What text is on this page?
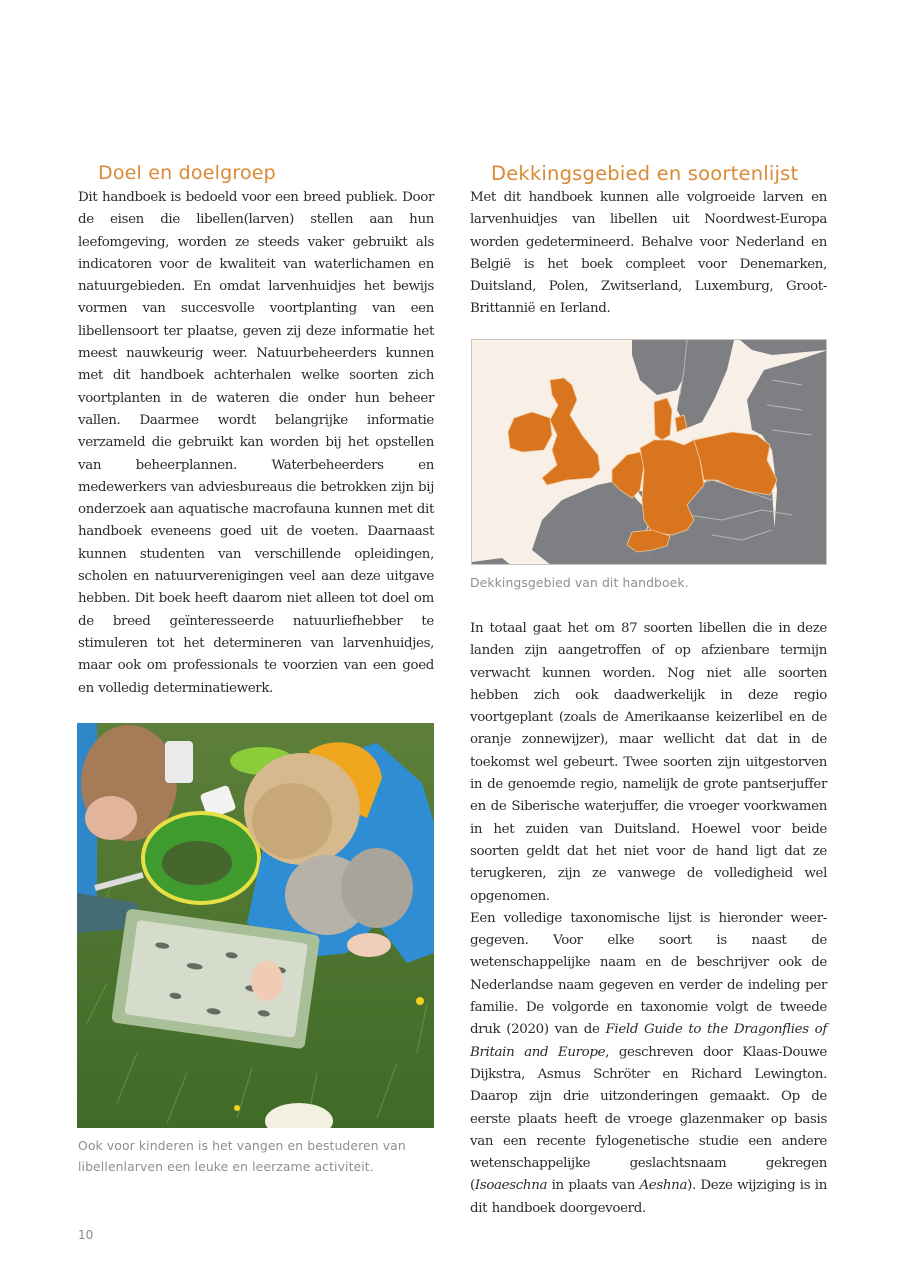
Doel en doelgroep

Dit handboek is bedoeld voor een breed publiek. Door de eisen die libellen(larven) stellen aan hun leefomgeving, worden ze steeds vaker gebruikt als indicatoren voor de kwaliteit van waterlichamen en natuurgebieden. En omdat larvenhuidjes het bewijs vormen van succesvolle voortplanting van een libellensoort ter plaatse, geven zij deze informatie het meest nauwkeurig weer. Natuurbeheerders kunnen met dit handboek achterhalen welke soorten zich voortplanten in de wateren die onder hun beheer vallen. Daarmee wordt belangrijke informatie verzameld die gebruikt kan worden bij het opstellen van beheerplannen. Waterbeheerders en medewerkers van adviesbureaus die betrokken zijn bij onderzoek aan aquatische macrofauna kunnen met dit handboek eveneens goed uit de voeten. Daarnaast kunnen studenten van verschillende opleidingen, scholen en natuurverenigingen veel aan deze uitgave hebben. Dit boek heeft daarom niet alleen tot doel om de breed geïnteresseerde natuurliefhebber te stimuleren tot het determineren van larvenhuidjes, maar ook om professionals te voorzien van een goed en volledig determinatiewerk.

Ook voor kinderen is het vangen en bestuderen van libellenlarven een leuke en leerzame activiteit.

10
Dekkingsgebied en soortenlijst

Met dit handboek kunnen alle volgroeide larven en larvenhuidjes van libellen uit Noordwest-Europa worden gedetermineerd. Behalve voor Nederland en België is het boek compleet voor Denemarken, Duitsland, Polen, Zwitserland, Luxemburg, Groot-Brittannië en Ierland.

Dekkingsgebied van dit handboek.

In totaal gaat het om 87 soorten libellen die in deze landen zijn aangetroffen of op afzienbare termijn verwacht kunnen worden. Nog niet alle soorten hebben zich ook daadwerkelijk in deze regio voortgeplant (zoals de Amerikaanse keizerlibel en de oranje zonnewijzer), maar wellicht dat dat in de toekomst wel gebeurt. Twee soorten zijn uitgestorven in de genoemde regio, namelijk de grote pantserjuffer en de Siberische waterjuffer, die vroeger voorkwamen in het zuiden van Duitsland. Hoewel voor beide soorten geldt dat het niet voor de hand ligt dat ze terugkeren, zijn ze vanwege de volledigheid wel opgenomen.

Een volledige taxonomische lijst is hieronder weer-gegeven. Voor elke soort is naast de wetenschappelijke naam en de beschrijver ook de Nederlandse naam gegeven en verder de indeling per familie. De volgorde en taxonomie volgt de tweede druk (2020) van de Field Guide to the Dragonflies of Britain and Europe, geschreven door Klaas-Douwe Dijkstra, Asmus Schröter en Richard Lewington. Daarop zijn drie uitzonderingen gemaakt. Op de eerste plaats heeft de vroege glazenmaker op basis van een recente fylogenetische studie een andere wetenschappelijke geslachtsnaam gekregen (Isoaeschna in plaats van Aeshna). Deze wijziging is in dit handboek doorgevoerd.
